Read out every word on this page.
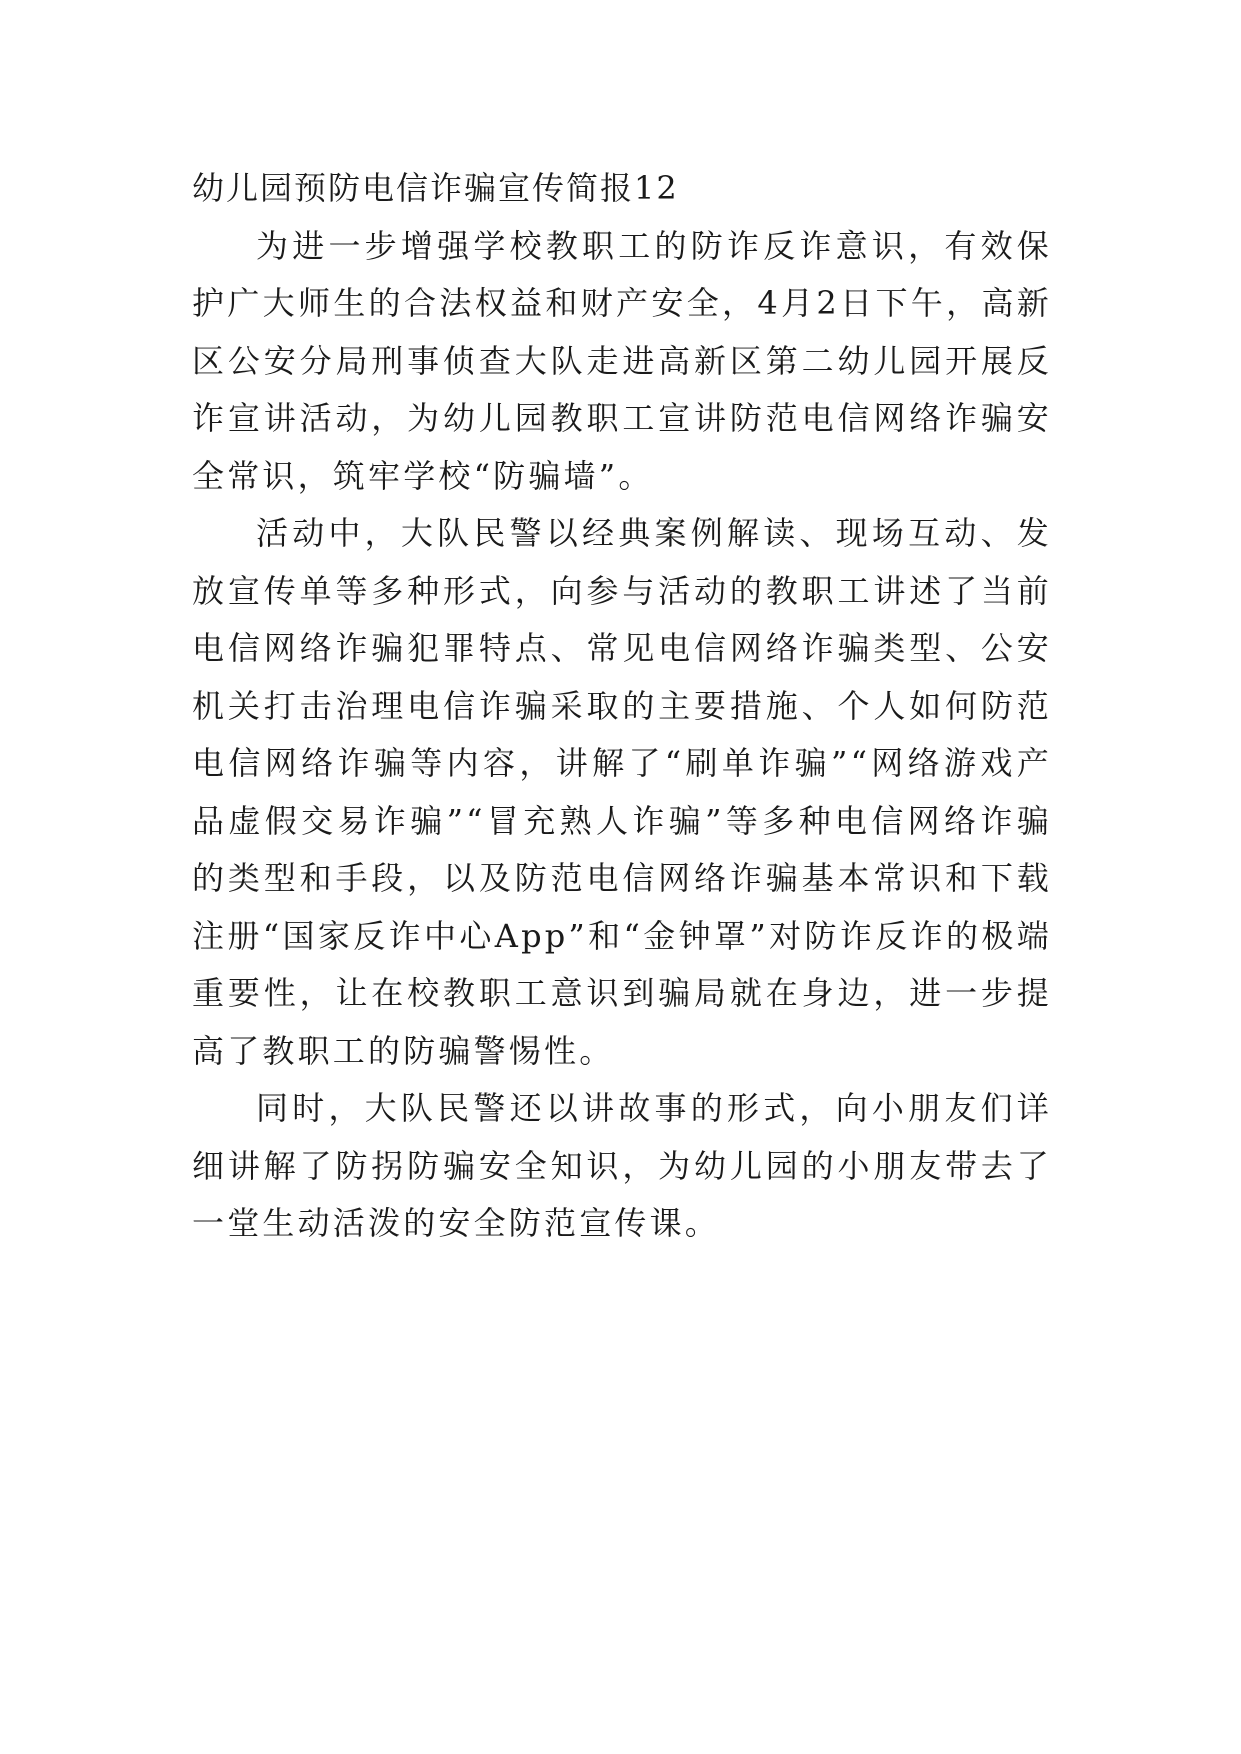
幼儿园预防电信诈骗宣传简报12

为进一步增强学校教职工的防诈反诈意识，有效保护广大师生的合法权益和财产安全，4月2日下午，高新区公安分局刑事侦查大队走进高新区第二幼儿园开展反诈宣讲活动，为幼儿园教职工宣讲防范电信网络诈骗安全常识，筑牢学校“防骗墙”。

活动中，大队民警以经典案例解读、现场互动、发放宣传单等多种形式，向参与活动的教职工讲述了当前电信网络诈骗犯罪特点、常见电信网络诈骗类型、公安机关打击治理电信诈骗采取的主要措施、个人如何防范电信网络诈骗等内容，讲解了“刷单诈骗”“网络游戏产品虚假交易诈骗”“冒充熟人诈骗”等多种电信网络诈骗的类型和手段，以及防范电信网络诈骗基本常识和下载注册“国家反诈中心App”和“金钟罩”对防诈反诈的极端重要性，让在校教职工意识到骗局就在身边，进一步提高了教职工的防骗警惕性。

同时，大队民警还以讲故事的形式，向小朋友们详细讲解了防拐防骗安全知识，为幼儿园的小朋友带去了一堂生动活泼的安全防范宣传课。
